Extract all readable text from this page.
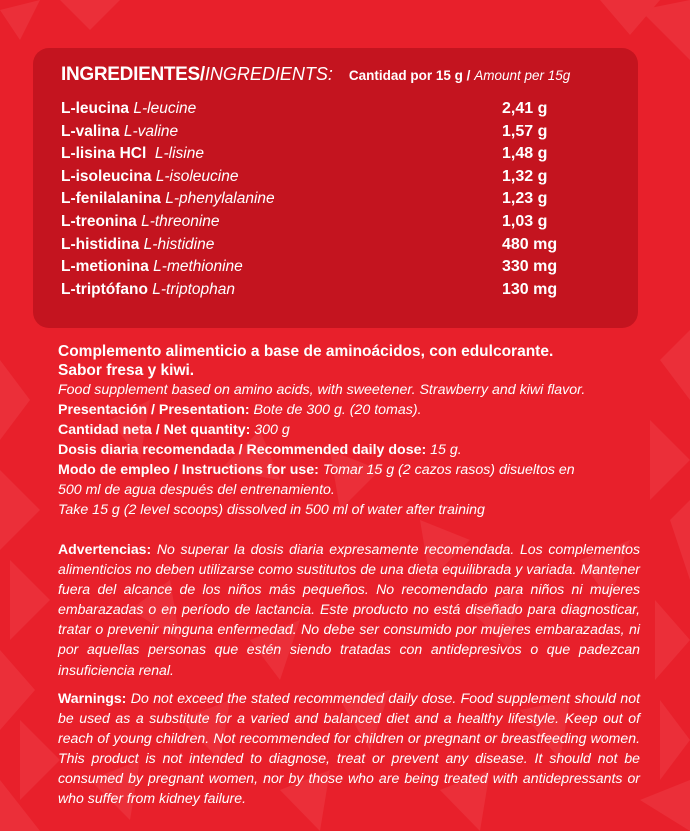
INGREDIENTES/ INGREDIENTS: Cantidad por 15 g / Amount per 15g
L-leucina L-leucine	2,41 g
L-valina L-valine	1,57 g
L-lisina HCl L-lisine	1,48 g
L-isoleucina L-isoleucine	1,32 g
L-fenilalanina L-phenylalanine	1,23 g
L-treonina L-threonine	1,03 g
L-histidina L-histidine	480 mg
L-metionina L-methionine	330 mg
L-triptófano L-triptophan	130 mg
Complemento alimenticio a base de aminoácidos, con edulcorante.
Sabor fresa y kiwi.
Food supplement based on amino acids, with sweetener. Strawberry and kiwi flavor.
Presentación / Presentation: Bote de 300 g. (20 tomas).
Cantidad neta / Net quantity: 300 g
Dosis diaria recomendada / Recommended daily dose: 15 g.
Modo de empleo / Instructions for use: Tomar 15 g (2 cazos rasos) disueltos en
500 ml de agua después del entrenamiento.
Take 15 g (2 level scoops) dissolved in 500 ml of water after training
Advertencias: No superar la dosis diaria expresamente recomendada. Los complementos alimenticios no deben utilizarse como sustitutos de una dieta equilibrada y variada. Mantener fuera del alcance de los niños más pequeños. No recomendado para niños ni mujeres embarazadas o en período de lactancia. Este producto no está diseñado para diagnosticar, tratar o prevenir ninguna enfermedad. No debe ser consumido por mujeres embarazadas, ni por aquellas personas que estén siendo tratadas con antidepresivos o que padezcan insuficiencia renal.
Warnings: Do not exceed the stated recommended daily dose. Food supplement should not be used as a substitute for a varied and balanced diet and a healthy lifestyle. Keep out of reach of young children. Not recommended for children or pregnant or breastfeeding women. This product is not intended to diagnose, treat or prevent any disease. It should not be consumed by pregnant women, nor by those who are being treated with antidepressants or who suffer from kidney failure.
